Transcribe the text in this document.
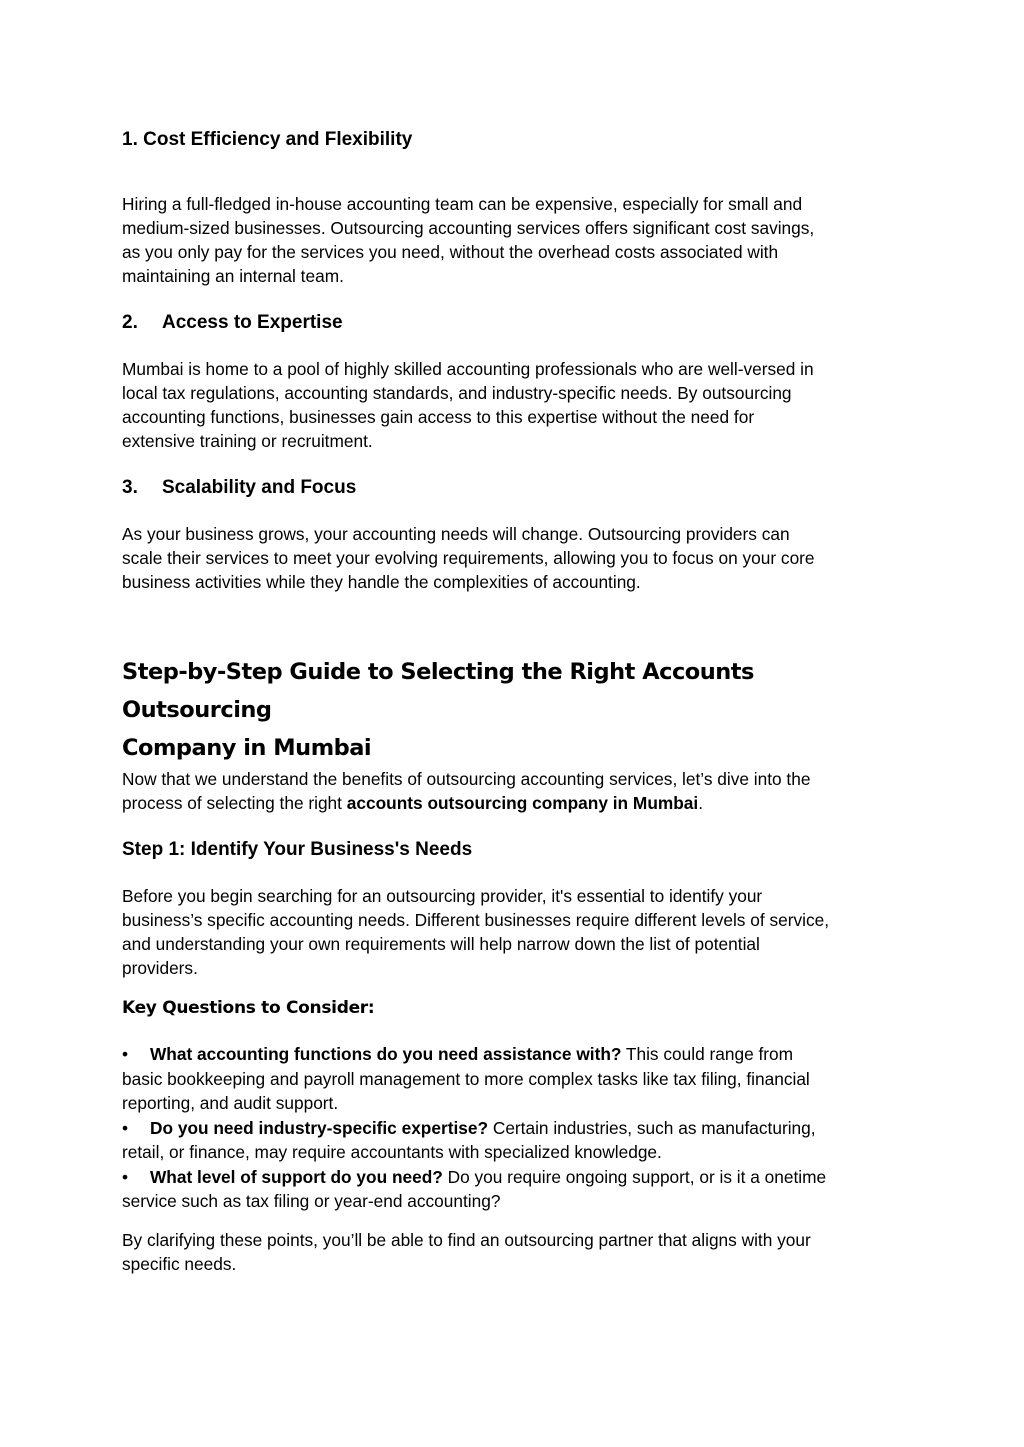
1. Cost Efficiency and Flexibility

Hiring a full-fledged in-house accounting team can be expensive, especially for small and

medium-sized businesses. Outsourcing accounting services offers significant cost savings,

as you only pay for the services you need, without the overhead costs associated with

maintaining an internal team.

2. Access to Expertise

Mumbai is home to a pool of highly skilled accounting professionals who are well-versed in

local tax regulations, accounting standards, and industry-specific needs. By outsourcing

accounting functions, businesses gain access to this expertise without the need for

extensive training or recruitment.

3. Scalability and Focus

As your business grows, your accounting needs will change. Outsourcing providers can

scale their services to meet your evolving requirements, allowing you to focus on your core

business activities while they handle the complexities of accounting.

Step-by-Step Guide to Selecting the Right Accounts Outsourcing
Company in Mumbai

Now that we understand the benefits of outsourcing accounting services, let’s dive into the

process of selecting the right accounts outsourcing company in Mumbai.

Step 1: Identify Your Business's Needs

Before you begin searching for an outsourcing provider, it's essential to identify your

business’s specific accounting needs. Different businesses require different levels of service,

and understanding your own requirements will help narrow down the list of potential

providers.

Key Questions to Consider:

• What accounting functions do you need assistance with? This could range from

basic bookkeeping and payroll management to more complex tasks like tax filing, financial

reporting, and audit support.

• Do you need industry-specific expertise? Certain industries, such as manufacturing,

retail, or finance, may require accountants with specialized knowledge.

• What level of support do you need? Do you require ongoing support, or is it a onetime

service such as tax filing or year-end accounting?

By clarifying these points, you’ll be able to find an outsourcing partner that aligns with your

specific needs.
